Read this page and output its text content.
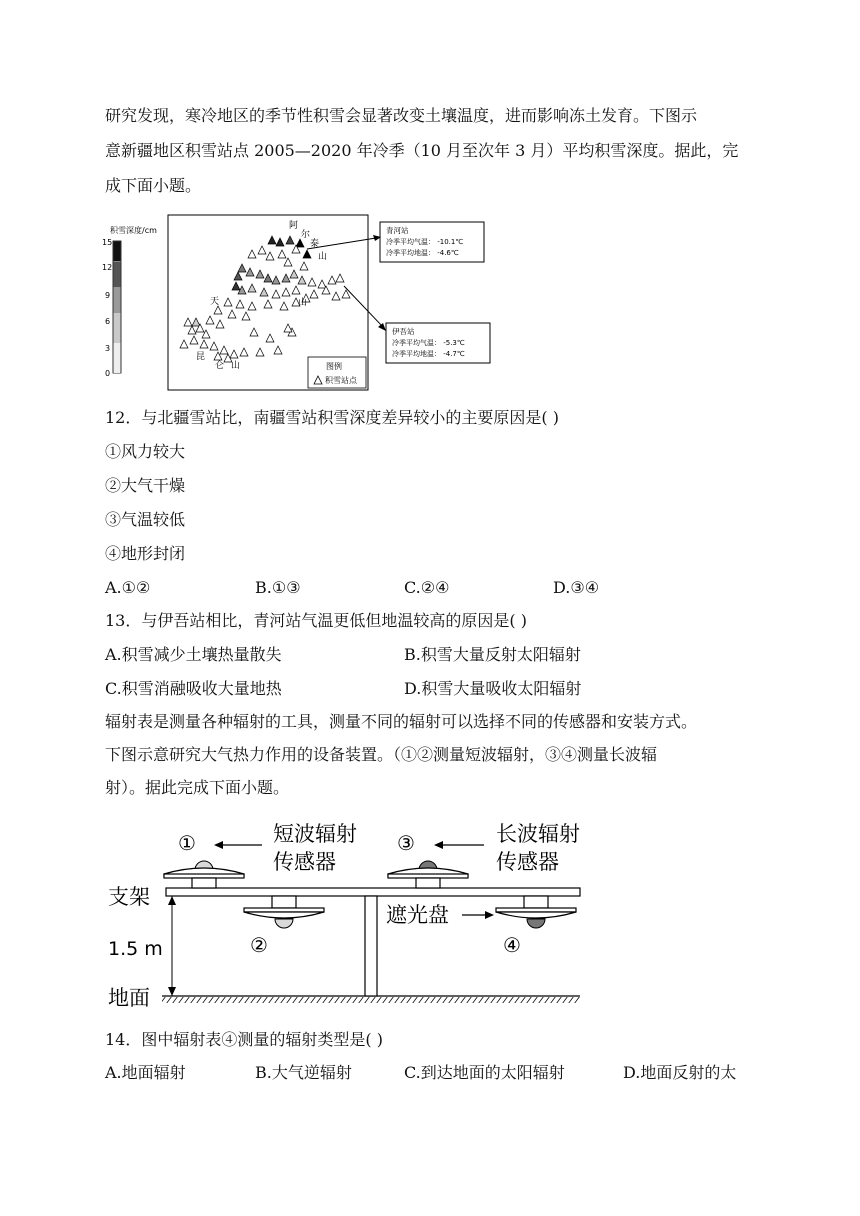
研究发现，寒冷地区的季节性积雪会显著改变土壤温度，进而影响冻土发育。下图示
意新疆地区积雪站点 2005—2020 年冷季（10 月至次年 3 月）平均积雪深度。据此，完
成下面小题。
积雪深度/cm
15
12
9
6
3
0
阿
尔
泰
山
天	山
昆
仑 山	图例
积雪站点
青河站
冷季平均气温： -10.1℃
冷季平均地温： -4.6℃
伊吾站
冷季平均气温： -5.3℃
冷季平均地温： -4.7℃
12．与北疆雪站比，南疆雪站积雪深度差异较小的主要原因是( )
①风力较大
②大气干燥
③气温较低
④地形封闭
A.①②	B.①③	C.②④	D.③④
13．与伊吾站相比，青河站气温更低但地温较高的原因是( )
A.积雪减少土壤热量散失	B.积雪大量反射太阳辐射
C.积雪消融吸收大量地热	D.积雪大量吸收太阳辐射
辐射表是测量各种辐射的工具，测量不同的辐射可以选择不同的传感器和安装方式。
下图示意研究大气热力作用的设备装置。（①②测量短波辐射，③④测量长波辐
射）。据此完成下面小题。
①
②
③
④
短波辐射
传感器
长波辐射
传感器
支架
遮光盘
1.5 m
地面
14．图中辐射表④测量的辐射类型是( )
A.地面辐射	B.大气逆辐射	C.到达地面的太阳辐射	D.地面反射的太
